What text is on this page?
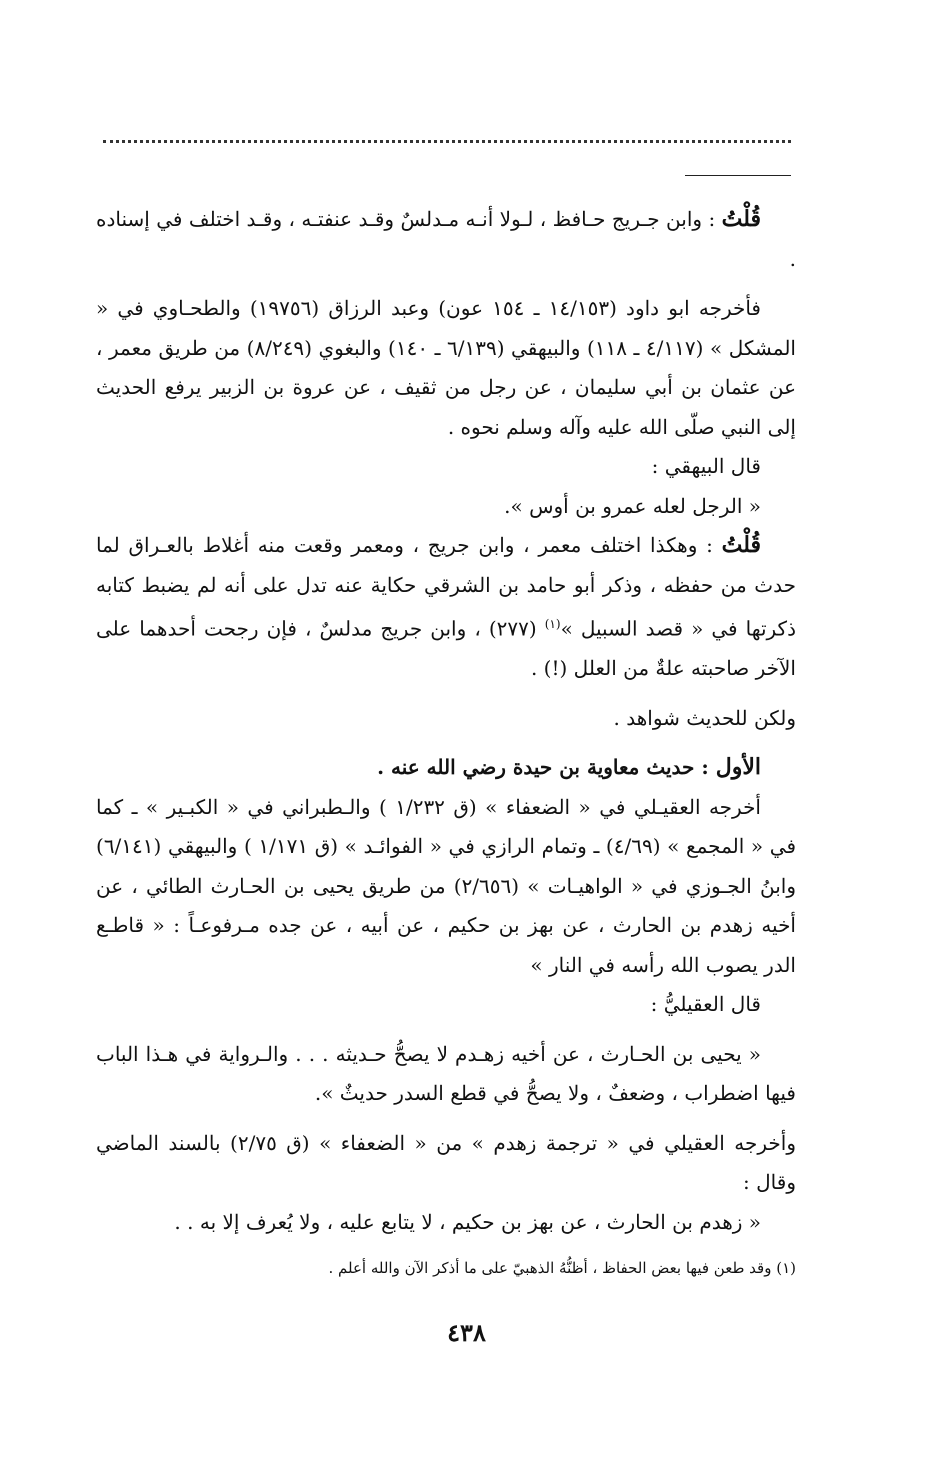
قُلْتُ : وابن جـريج حـافظ ، لـولا أنـه مـدلسٌ وقـد عنفتـه ، وقـد اختلف في إسناده .

فأخرجه ابو داود (١٤/١٥٣ ـ ١٥٤ عون) وعبد الرزاق (١٩٧٥٦) والطحـاوي في « المشكل » (٤/١١٧ ـ ١١٨) والبيهقي (٦/١٣٩ ـ ١٤٠) والبغوي (٨/٢٤٩) من طريق معمر ، عن عثمان بن أبي سليمان ، عن رجل من ثقيف ، عن عروة بن الزبير يرفع الحديث إلى النبي صلّى الله عليه وآله وسلم نحوه .

قال البيهقي :

« الرجل لعله عمرو بن أوس ».

قُلْتُ : وهكذا اختلف معمر ، وابن جريج ، ومعمر وقعت منه أغلاط بالعـراق لما حدث من حفظه ، وذكر أبو حامد بن الشرقي حكاية عنه تدل على أنه لم يضبط كتابه ذكرتها في « قصد السبيل »$^{(١)}$ (٢٧٧) ، وابن جريج مدلسٌ ، فإن رجحت أحدهما على الآخر صاحبته علةٌ من العلل (!) .

ولكن للحديث شواهد .

الأول : حديث معاوية بن حيدة رضي الله عنه .

أخرجه العقيـلي في « الضعفاء » (ق ١/٢٣٢ ) والـطبراني في « الكبـير » ـ كما في « المجمع » (٤/٦٩) ـ وتمام الرازي في « الفوائـد » (ق ١/١٧١ ) والبيهقي (٦/١٤١) وابنُ الجـوزي في « الواهيـات » (٢/٦٥٦) من طريق يحيى بن الحـارث الطائي ، عن أخيه زهدم بن الحارث ، عن بهز بن حكيم ، عن أبيه ، عن جده مـرفوعـاً : « قاطـع الدر يصوب الله رأسه في النار »

قال العقيليُّ :

« يحيى بن الحـارث ، عن أخيه زهـدم لا يصحُّ حـديثه . . . والـرواية في هـذا الباب فيها اضطراب ، وضعفٌ ، ولا يصحُّ في قطع السدر حديثٌ ».

وأخرجه العقيلي في « ترجمة زهدم » من « الضعفاء » (ق ٢/٧٥) بالسند الماضي وقال :

« زهدم بن الحارث ، عن بهز بن حكيم ، لا يتابع عليه ، ولا يُعرف إلا به . .

(١) وقد طعن فيها بعض الحفاظ ، أظنُّهُ الذهبيّ على ما أذكر الآن والله أعلم .
٤٣٨
